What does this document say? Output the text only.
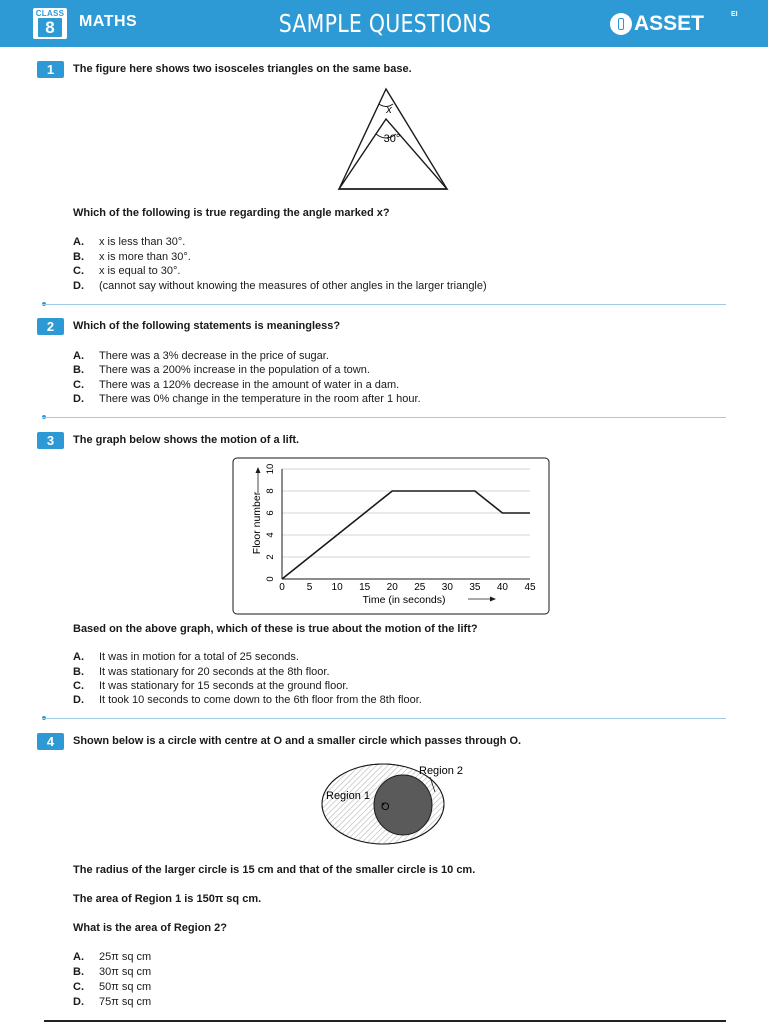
CLASS
8	MATHS	SAMPLE QUESTIONS	ASSET	EI
1	The figure here shows two isosceles triangles on the same base.
x
30°
Which of the following is true regarding the angle marked x?
A. x is less than 30°.
B. x is more than 30°.
C. x is equal to 30°.
D. (cannot say without knowing the measures of other angles in the larger triangle)
2	Which of the following statements is meaningless?
A. There was a 3% decrease in the price of sugar.
B. There was a 200% increase in the population of a town.
C. There was a 120% decrease in the amount of water in a dam.
D. There was 0% change in the temperature in the room after 1 hour.
3	The graph below shows the motion of a lift.
0 5 10 15 20 25 30 35 40 45
0
2
4
6
8
10
Time (in seconds)
Floor number
Based on the above graph, which of these is true about the motion of the lift?
A. It was in motion for a total of 25 seconds.
B. It was stationary for 20 seconds at the 8th floor.
C. It was stationary for 15 seconds at the ground floor.
D. It took 10 seconds to come down to the 6th floor from the 8th floor.
4	Shown below is a circle with centre at O and a smaller circle which passes through O.
Region 1
O
Region 2
The radius of the larger circle is 15 cm and that of the smaller circle is 10 cm.
The area of Region 1 is 150π sq cm.
What is the area of Region 2?
A. 25π sq cm
B. 30π sq cm
C. 50π sq cm
D. 75π sq cm
